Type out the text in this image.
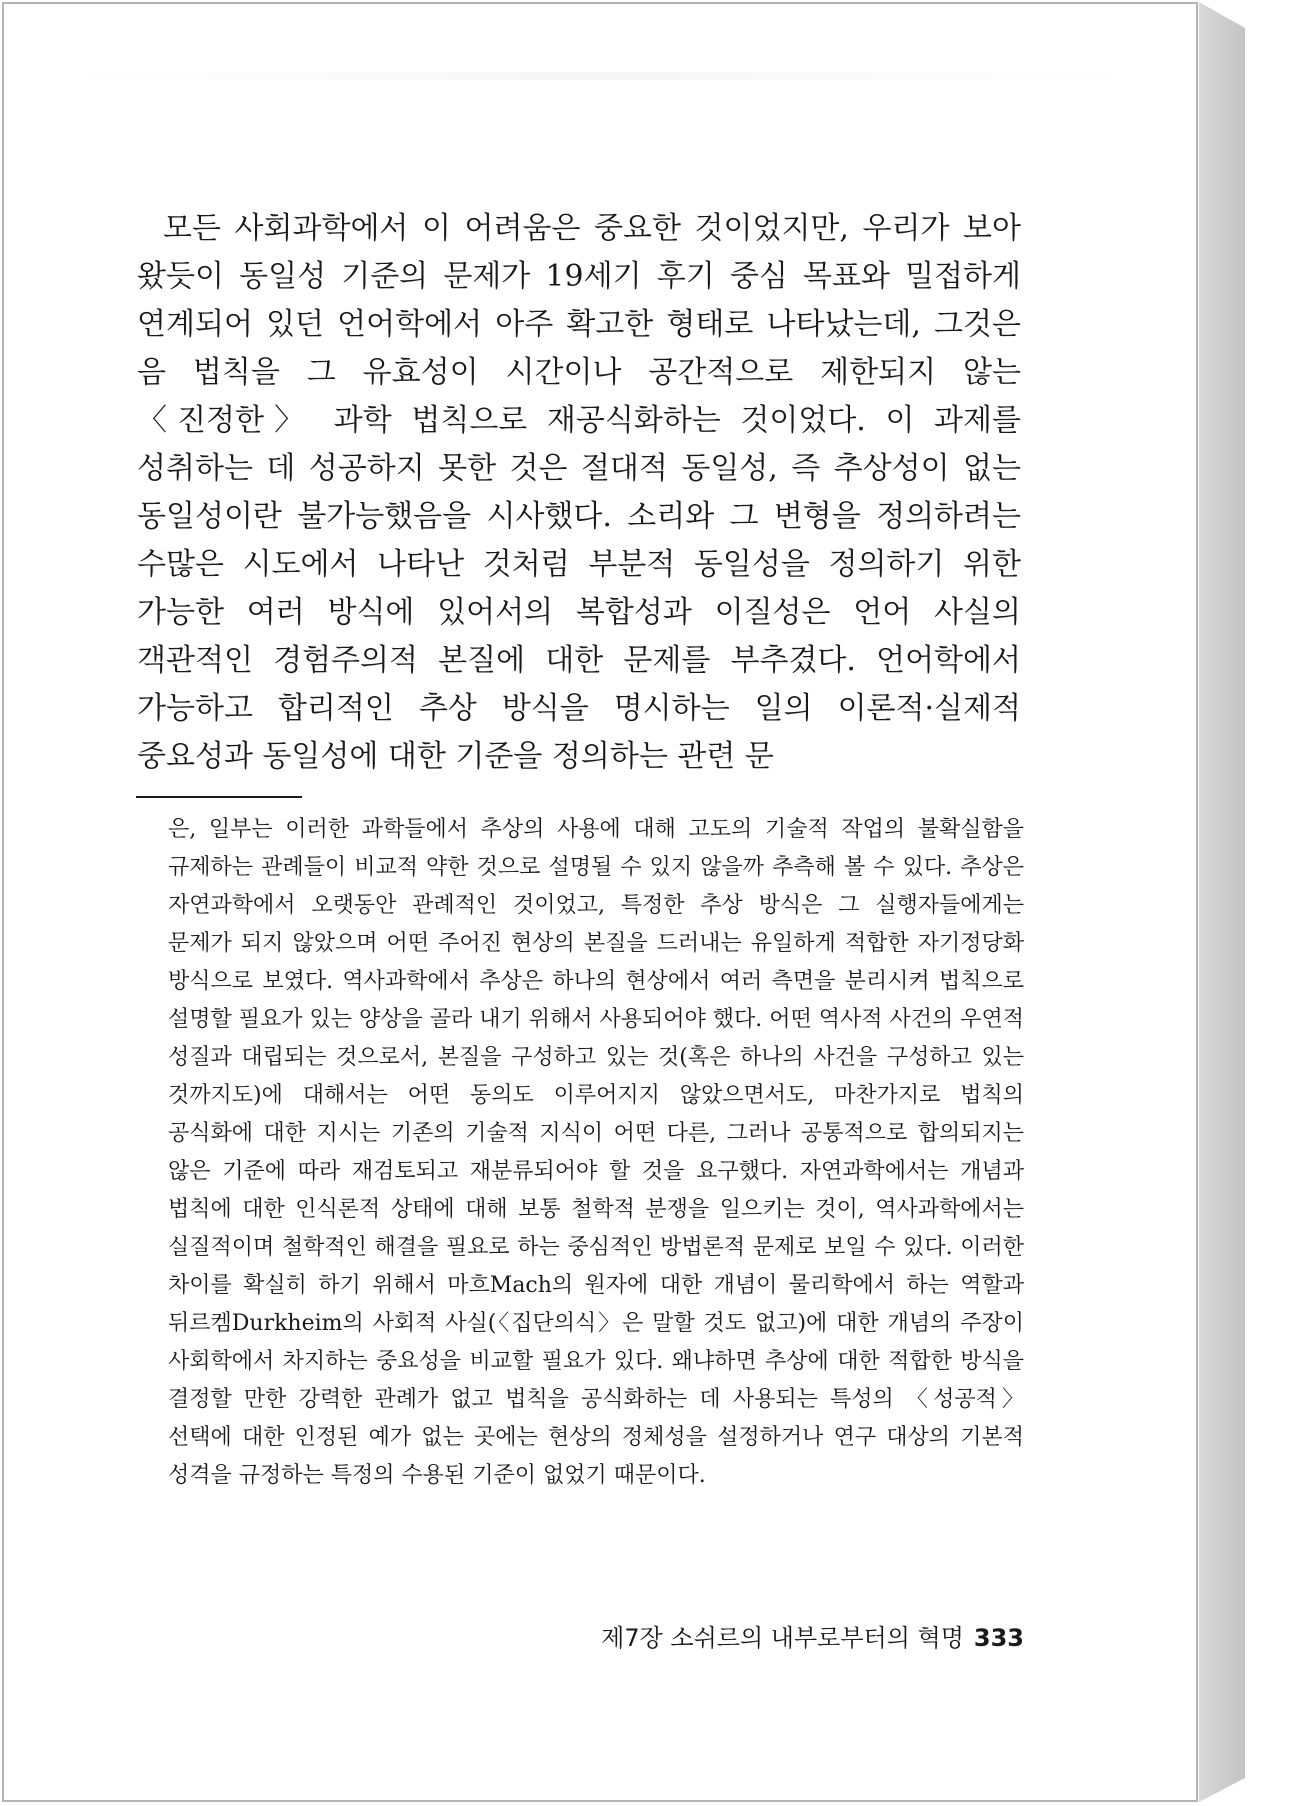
모든 사회과학에서 이 어려움은 중요한 것이었지만, 우리가 보아 왔듯이 동일성 기준의 문제가 19세기 후기 중심 목표와 밀접하게 연계되어 있던 언어학에서 아주 확고한 형태로 나타났는데, 그것은 음 법칙을 그 유효성이 시간이나 공간적으로 제한되지 않는 〈진정한〉 과학 법칙으로 재공식화하는 것이었다. 이 과제를 성취하는 데 성공하지 못한 것은 절대적 동일성, 즉 추상성이 없는 동일성이란 불가능했음을 시사했다. 소리와 그 변형을 정의하려는 수많은 시도에서 나타난 것처럼 부분적 동일성을 정의하기 위한 가능한 여러 방식에 있어서의 복합성과 이질성은 언어 사실의 객관적인 경험주의적 본질에 대한 문제를 부추겼다. 언어학에서 가능하고 합리적인 추상 방식을 명시하는 일의 이론적·실제적 중요성과 동일성에 대한 기준을 정의하는 관련 문

은, 일부는 이러한 과학들에서 추상의 사용에 대해 고도의 기술적 작업의 불확실함을 규제하는 관례들이 비교적 약한 것으로 설명될 수 있지 않을까 추측해 볼 수 있다. 추상은 자연과학에서 오랫동안 관례적인 것이었고, 특정한 추상 방식은 그 실행자들에게는 문제가 되지 않았으며 어떤 주어진 현상의 본질을 드러내는 유일하게 적합한 자기정당화 방식으로 보였다. 역사과학에서 추상은 하나의 현상에서 여러 측면을 분리시켜 법칙으로 설명할 필요가 있는 양상을 골라 내기 위해서 사용되어야 했다. 어떤 역사적 사건의 우연적 성질과 대립되는 것으로서, 본질을 구성하고 있는 것(혹은 하나의 사건을 구성하고 있는 것까지도)에 대해서는 어떤 동의도 이루어지지 않았으면서도, 마찬가지로 법칙의 공식화에 대한 지시는 기존의 기술적 지식이 어떤 다른, 그러나 공통적으로 합의되지는 않은 기준에 따라 재검토되고 재분류되어야 할 것을 요구했다. 자연과학에서는 개념과 법칙에 대한 인식론적 상태에 대해 보통 철학적 분쟁을 일으키는 것이, 역사과학에서는 실질적이며 철학적인 해결을 필요로 하는 중심적인 방법론적 문제로 보일 수 있다. 이러한 차이를 확실히 하기 위해서 마흐Mach의 원자에 대한 개념이 물리학에서 하는 역할과 뒤르켐Durkheim의 사회적 사실(〈집단의식〉은 말할 것도 없고)에 대한 개념의 주장이 사회학에서 차지하는 중요성을 비교할 필요가 있다. 왜냐하면 추상에 대한 적합한 방식을 결정할 만한 강력한 관례가 없고 법칙을 공식화하는 데 사용되는 특성의 〈성공적〉 선택에 대한 인정된 예가 없는 곳에는 현상의 정체성을 설정하거나 연구 대상의 기본적 성격을 규정하는 특정의 수용된 기준이 없었기 때문이다.

제7장 소쉬르의 내부로부터의 혁명 333
